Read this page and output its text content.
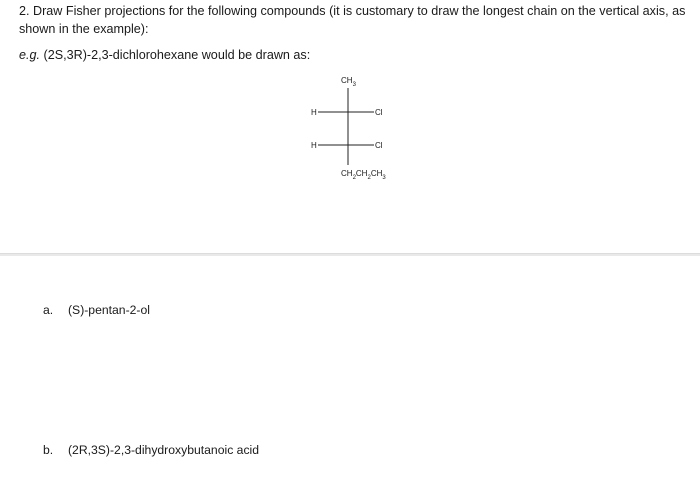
2. Draw Fisher projections for the following compounds (it is customary to draw the longest chain on the vertical axis, as shown in the example):
e.g. (2S,3R)-2,3-dichlorohexane would be drawn as:
$CH_3$
H	Cl
H	Cl
$CH_2CH_2CH_3$
a. (S)-pentan-2-ol
b. (2R,3S)-2,3-dihydroxybutanoic acid
